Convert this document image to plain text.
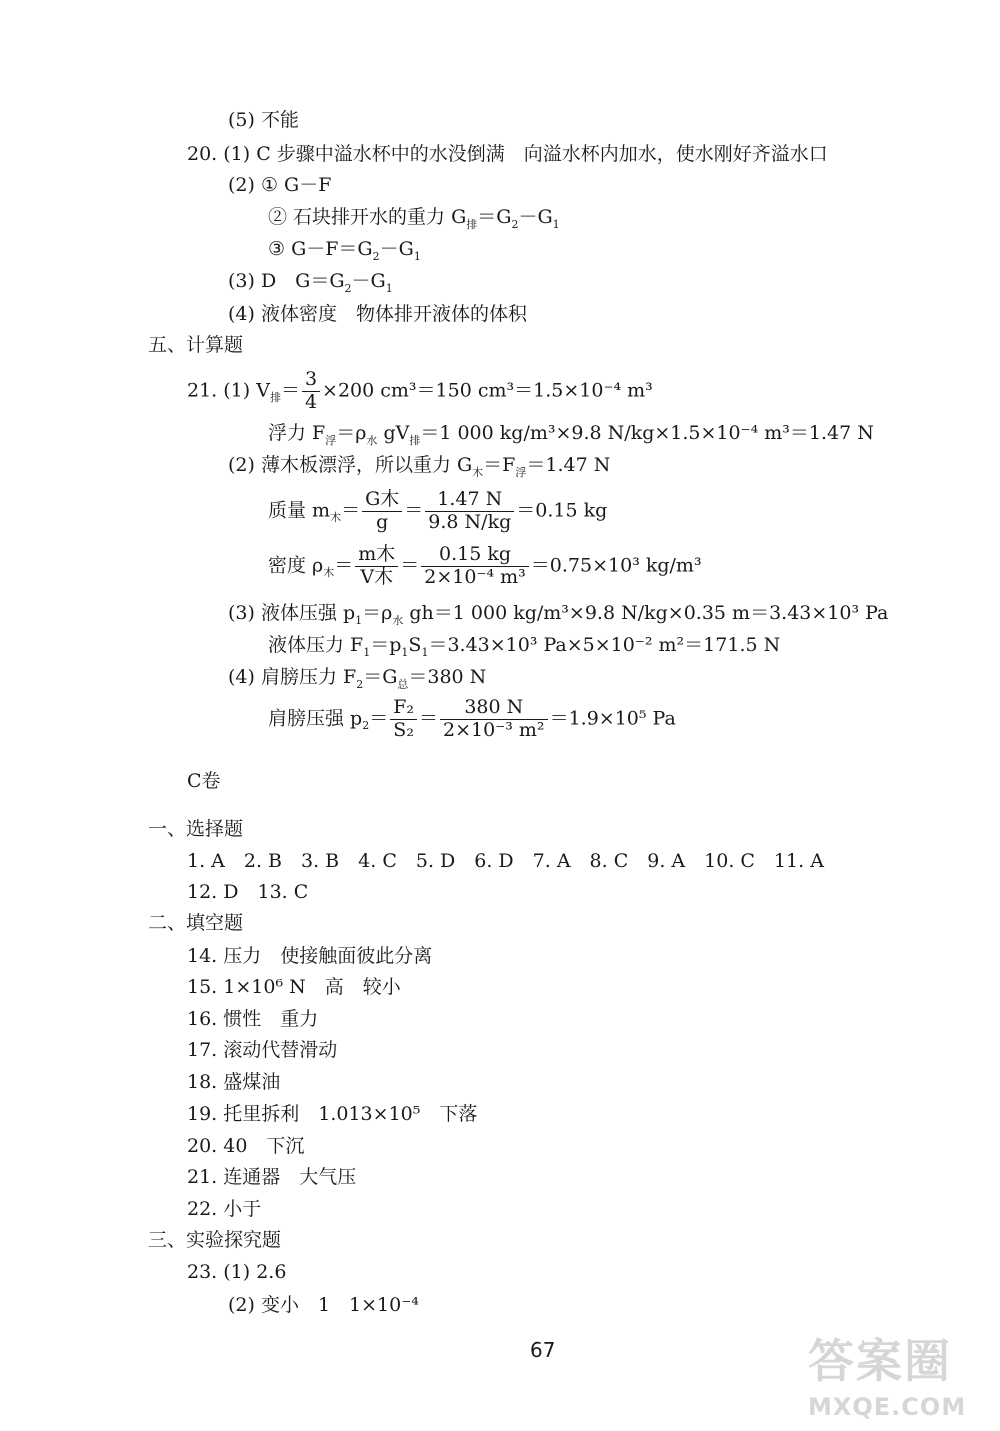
(5) 不能
20. (1) C 步骤中溢水杯中的水没倒满　向溢水杯内加水，使水刚好齐溢水口
(2) ① G－F
② 石块排开水的重力 $G_排=G_2-G_1$
③ $G-F=G_2-G_1$
(3) D　$G=G_2-G_1$
(4) 液体密度　物体排开液体的体积
五、计算题
21. (1) $V_排= \frac{3}{4} \times 200$ cm³＝150 cm³＝1.5×10⁻⁴ m³
浮力 $F_浮=\rho_水$ $gV_排=1$ 000 kg/m³×9.8 N/kg×1.5×10⁻⁴ m³＝1.47 N
(2) 薄木板漂浮，所以重力 $G_木=F_浮=1.47$ N
质量 $m_木= \frac{\text{G木}}{g} = \frac{1.47 N}{9.8 N/kg} =0.15$ kg
密度 $\rho_木= \frac{\text{m木}}{\text{V木}} = \frac{0.15 kg}{\text{2×10⁻⁴ m³}} =0.75\times 10^3$ kg/m³
(3) 液体压强 $p_1=\rho_水$ gh＝1 000 kg/m³×9.8 N/kg×0.35 m＝3.43×10³ Pa
液体压力 $F_1=p_1S_1=3.43\times 10^3$ Pa×5×10⁻² m²＝171.5 N
(4) 肩膀压力 $F_2=G_总=380$ N
肩膀压强 $p_2= \frac{\text{F₂}}{\text{S₂}} = \frac{380 N}{\text{2×10⁻³ m²}} =1.9\times 10^5$ Pa
C卷
一、选择题
1. A　2. B　3. B　4. C　5. D　6. D　7. A　8. C　9. A　10. C　11. A
12. D　13. C
二、填空题
14. 压力　使接触面彼此分离
15. 1×10⁶ N　高　较小
16. 惯性　重力
17. 滚动代替滑动
18. 盛煤油
19. 托里拆利　1.013×10⁵　下落
20. 40　下沉
21. 连通器　大气压
22. 小于
三、实验探究题
23. (1) 2.6
(2) 变小　1　1×10⁻⁴
67	答案圈
MXQE.COM
